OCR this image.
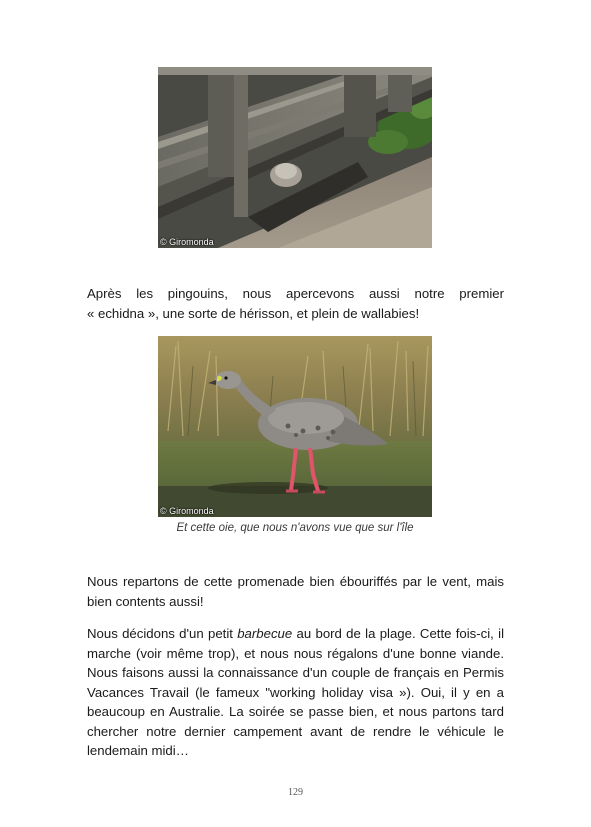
© Giromonda

Après les pingouins, nous apercevons aussi notre premier
« echidna », une sorte de hérisson, et plein de wallabies!

© Giromonda

Et cette oie, que nous n'avons vue que sur l'île

Nous repartons de cette promenade bien ébouriffés par le vent, mais bien contents aussi!

Nous décidons d'un petit barbecue au bord de la plage. Cette fois-ci, il marche (voir même trop), et nous nous régalons d'une bonne viande. Nous faisons aussi la connaissance d'un couple de français en Permis Vacances Travail (le fameux "working holiday visa »). Oui, il y en a beaucoup en Australie. La soirée se passe bien, et nous partons tard chercher notre dernier campement avant de rendre le véhicule le lendemain midi…

129
